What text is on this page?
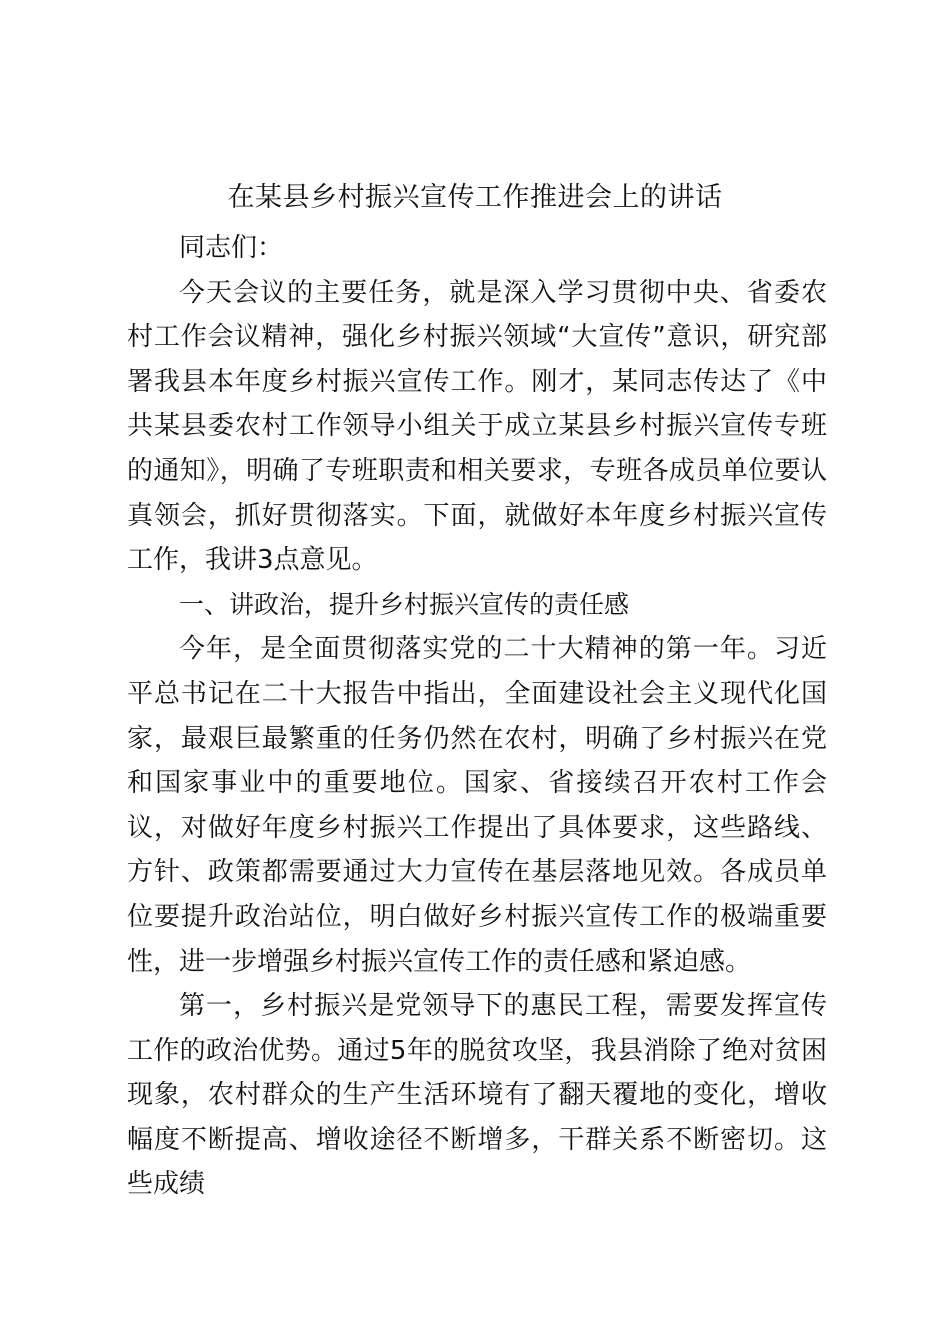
在某县乡村振兴宣传工作推进会上的讲话

同志们：

今天会议的主要任务，就是深入学习贯彻中央、省委农村工作会议精神，强化乡村振兴领域“大宣传”意识，研究部署我县本年度乡村振兴宣传工作。刚才，某同志传达了《中共某县委农村工作领导小组关于成立某县乡村振兴宣传专班的通知》，明确了专班职责和相关要求，专班各成员单位要认真领会，抓好贯彻落实。下面，就做好本年度乡村振兴宣传工作，我讲3点意见。

一、讲政治，提升乡村振兴宣传的责任感

今年，是全面贯彻落实党的二十大精神的第一年。习近平总书记在二十大报告中指出，全面建设社会主义现代化国家，最艰巨最繁重的任务仍然在农村，明确了乡村振兴在党和国家事业中的重要地位。国家、省接续召开农村工作会议，对做好年度乡村振兴工作提出了具体要求，这些路线、方针、政策都需要通过大力宣传在基层落地见效。各成员单位要提升政治站位，明白做好乡村振兴宣传工作的极端重要性，进一步增强乡村振兴宣传工作的责任感和紧迫感。

第一，乡村振兴是党领导下的惠民工程，需要发挥宣传工作的政治优势。通过5年的脱贫攻坚，我县消除了绝对贫困现象，农村群众的生产生活环境有了翻天覆地的变化，增收幅度不断提高、增收途径不断增多，干群关系不断密切。这些成绩
